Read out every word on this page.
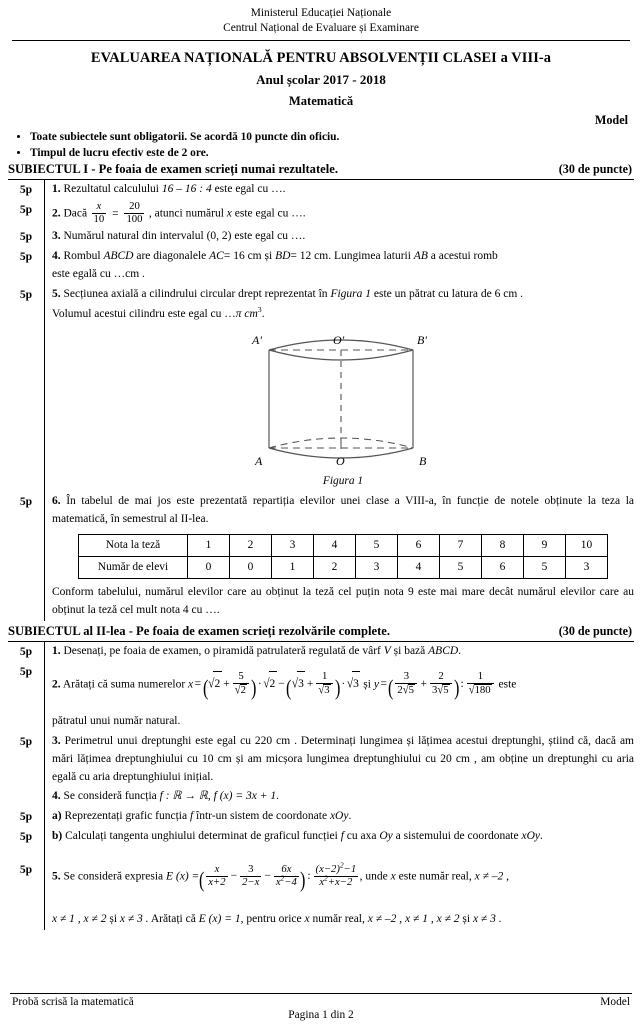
Ministerul Educației Naționale
Centrul Național de Evaluare și Examinare
EVALUAREA NAȚIONALĂ PENTRU ABSOLVENȚII CLASEI a VIII-a
Anul școlar 2017 - 2018
Matematică
Model
• Toate subiectele sunt obligatorii. Se acordă 10 puncte din oficiu.
• Timpul de lucru efectiv este de 2 ore.
SUBIECTUL I - Pe foaia de examen scrieți numai rezultatele.	(30 de puncte)
5p	1. Rezultatul calculului 16 – 16 : 4 este egal cu ….

5p	2. Dacă $\frac{x}{10} = \frac{20}{100}$ , atunci numărul x este egal cu ….

5p	3. Numărul natural din intervalul (0, 2) este egal cu ….

5p	4. Rombul ABCD are diagonalele AC= 16 cm și BD= 12 cm. Lungimea laturii AB a acestui romb

este egală cu …cm .

5p	5. Secțiunea axială a cilindrului circular drept reprezentat în Figura 1 este un pătrat cu latura de 6 cm .

Volumul acestui cilindru este egal cu …π $cm^3$.

A'	O'	B'
A	O	B
Figura 1
5p	6. În tabelul de mai jos este prezentată repartiția elevilor unei clase a VIII-a, în funcție de notele obținute la teza la matematică, în semestrul al II-lea.

Nota la teză	1	2	3	4	5	6	7	8	9	10
Număr de elevi	0	0	1	2	3	4	5	6	5	3

Conform tabelului, numărul elevilor care au obținut la teză cel puțin nota 9 este mai mare decât numărul elevilor care au obținut la teză cel mult nota 4 cu ….

SUBIECTUL al II-lea - Pe foaia de examen scrieți rezolvările complete.	(30 de puncte)
5p	1. Desenați, pe foaia de examen, o piramidă patrulateră regulată de vârf V și bază ABCD.

5p

2. Arătați că suma numerelor $x =(√2 + \frac{5}{√2}$ ) · $√2 -(√3 + \frac{1}{√3}$ ) · √3 și y =( $\frac{3}{2√5} + \frac{2}{3√5}$ ) : $\frac{1}{√180}$ este

pătratul unui număr natural.

5p	3. Perimetrul unui dreptunghi este egal cu 220 cm . Determinați lungimea și lățimea acestui dreptunghi, știind că, dacă am mări lățimea dreptunghiului cu 10 cm și am micșora lungimea dreptunghiului cu 20 cm , am obține un dreptunghi cu aria egală cu aria dreptunghiului inițial.

4. Se consideră funcția f : ℝ → ℝ, f (x) = 3x + 1.

5p	a) Reprezentați grafic funcția f într-un sistem de coordonate xOy.

5p	b) Calculați tangenta unghiului determinat de graficul funcției f cu axa Oy a sistemului de coordonate xOy.

5p

5. Se consideră expresia E (x) =( $\frac{x}{x+2} - \frac{3}{2-x} - \frac{6x}{x^2-4}$ ) : $\frac{(x-2)^2-1}{x^2+x-2}$ , unde x este număr real, x ≠ –2 ,

x ≠ 1 , x ≠ 2 și x ≠ 3 . Arătați că E (x) = 1, pentru orice x număr real, x ≠ –2 , x ≠ 1 , x ≠ 2 și x ≠ 3 .

Probă scrisă la matematică	Model
Pagina 1 din 2
